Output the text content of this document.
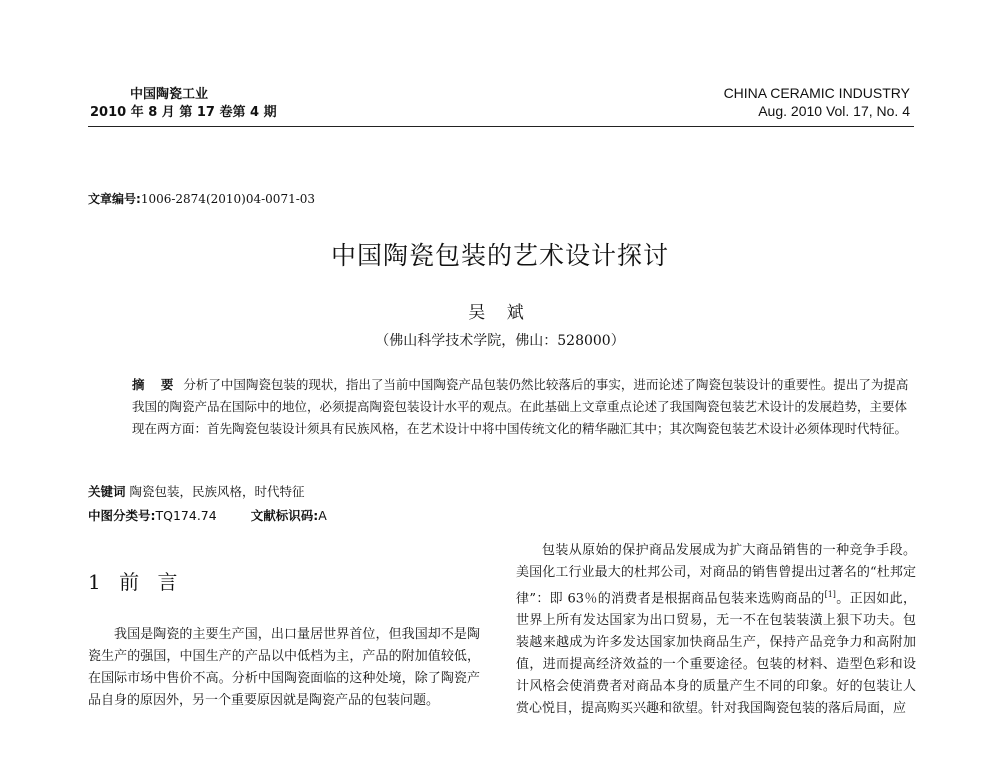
中国陶瓷工业
2010 年 8 月 第 17 卷第 4 期
CHINA CERAMIC INDUSTRY
Aug. 2010 Vol. 17, No. 4
文章编号:1006-2874(2010)04-0071-03
中国陶瓷包装的艺术设计探讨
吴 斌
（佛山科学技术学院，佛山：528000）

摘 要 分析了中国陶瓷包装的现状，指出了当前中国陶瓷产品包装仍然比较落后的事实，进而论述了陶瓷包装设计的重要性。提出了为提高我国的陶瓷产品在国际中的地位，必须提高陶瓷包装设计水平的观点。在此基础上文章重点论述了我国陶瓷包装艺术设计的发展趋势，主要体现在两方面：首先陶瓷包装设计须具有民族风格，在艺术设计中将中国传统文化的精华融汇其中；其次陶瓷包装艺术设计必须体现时代特征。

关键词 陶瓷包装，民族风格，时代特征
中图分类号:TQ174.74	文献标识码:A
1 前 言

我国是陶瓷的主要生产国，出口量居世界首位，但我国却不是陶瓷生产的强国，中国生产的产品以中低档为主，产品的附加值较低，在国际市场中售价不高。分析中国陶瓷面临的这种处境，除了陶瓷产品自身的原因外，另一个重要原因就是陶瓷产品的包装问题。

包装从原始的保护商品发展成为扩大商品销售的一种竞争手段。美国化工行业最大的杜邦公司，对商品的销售曾提出过著名的“杜邦定律”：即 63％的消费者是根据商品包装来选购商品的[1]。正因如此，世界上所有发达国家为出口贸易，无一不在包装装潢上狠下功夫。包装越来越成为许多发达国家加快商品生产，保持产品竞争力和高附加值，进而提高经济效益的一个重要途径。包装的材料、造型色彩和设计风格会使消费者对商品本身的质量产生不同的印象。好的包装让人赏心悦目，提高购买兴趣和欲望。针对我国陶瓷包装的落后局面，应
